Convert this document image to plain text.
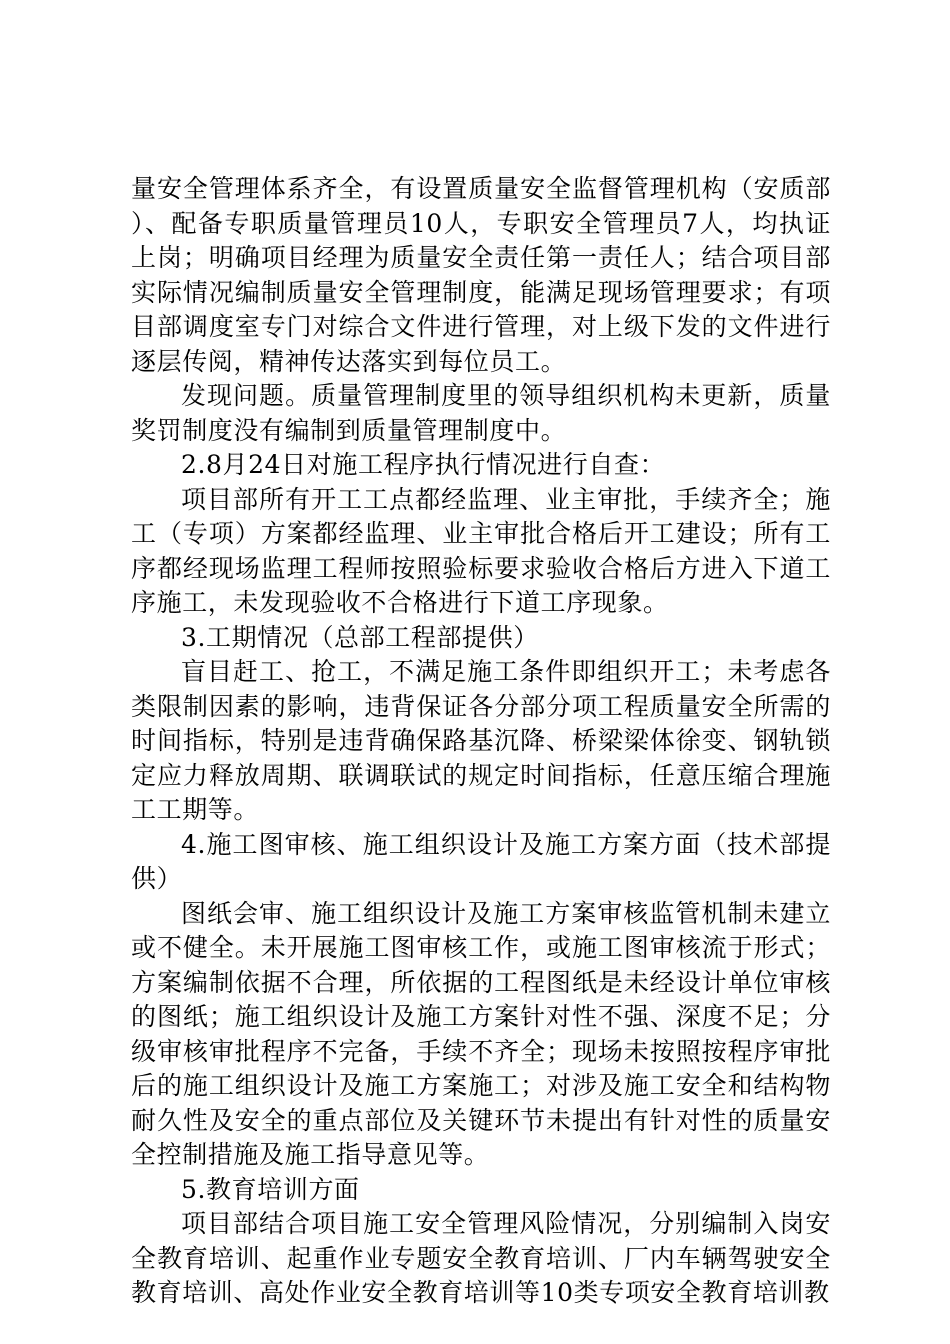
量安全管理体系齐全，有设置质量安全监督管理机构（安质部）、配备专职质量管理员10人，专职安全管理员7人，均执证上岗；明确项目经理为质量安全责任第一责任人；结合项目部实际情况编制质量安全管理制度，能满足现场管理要求；有项目部调度室专门对综合文件进行管理，对上级下发的文件进行逐层传阅，精神传达落实到每位员工。

发现问题。质量管理制度里的领导组织机构未更新，质量奖罚制度没有编制到质量管理制度中。

2.8月24日对施工程序执行情况进行自查：

项目部所有开工工点都经监理、业主审批，手续齐全；施工（专项）方案都经监理、业主审批合格后开工建设；所有工序都经现场监理工程师按照验标要求验收合格后方进入下道工序施工，未发现验收不合格进行下道工序现象。

3.工期情况（总部工程部提供）

盲目赶工、抢工，不满足施工条件即组织开工；未考虑各类限制因素的影响，违背保证各分部分项工程质量安全所需的时间指标，特别是违背确保路基沉降、桥梁梁体徐变、钢轨锁定应力释放周期、联调联试的规定时间指标，任意压缩合理施工工期等。

4.施工图审核、施工组织设计及施工方案方面（技术部提供）

图纸会审、施工组织设计及施工方案审核监管机制未建立或不健全。未开展施工图审核工作，或施工图审核流于形式；方案编制依据不合理，所依据的工程图纸是未经设计单位审核的图纸；施工组织设计及施工方案针对性不强、深度不足；分级审核审批程序不完备，手续不齐全；现场未按照按程序审批后的施工组织设计及施工方案施工；对涉及施工安全和结构物耐久性及安全的重点部位及关键环节未提出有针对性的质量安全控制措施及施工指导意见等。

5.教育培训方面

项目部结合项目施工安全管理风险情况，分别编制入岗安全教育培训、起重作业专题安全教育培训、厂内车辆驾驶安全教育培训、高处作业安全教育培训等10类专项安全教育培训教
